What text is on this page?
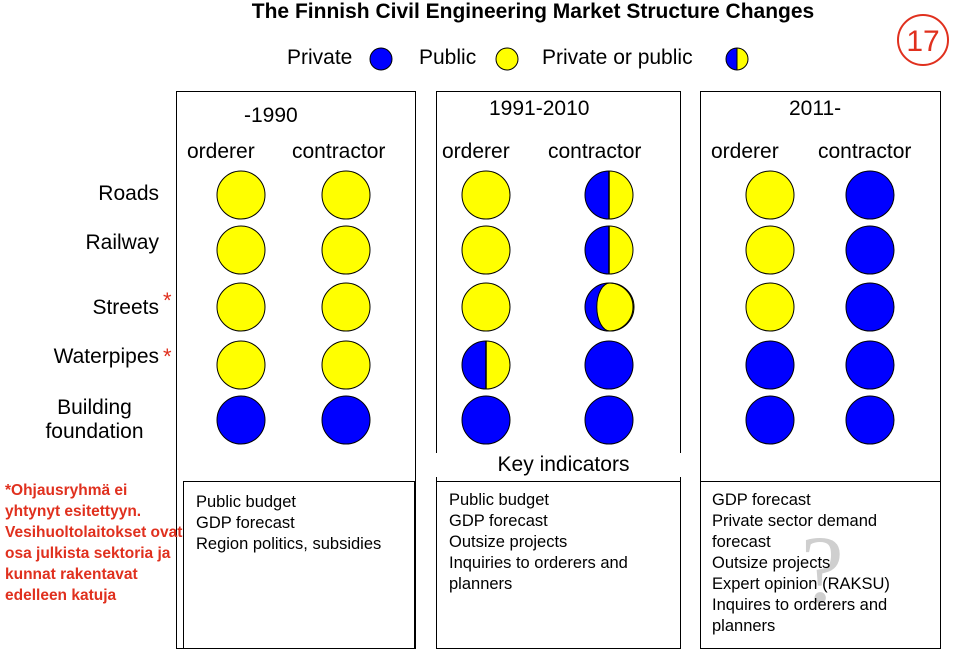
The Finnish Civil Engineering Market Structure Changes
17
Private	Public	Private or public
-1990	1991-2010	2011-
orderer contractor	orderer contractor	orderer contractor
Roads
Railway
Streets *
Waterpipes *
Building foundation
*Ohjausryhmä ei yhtynyt esitettyyn. Vesihuoltolaitokset ovat osa julkista sektoria ja kunnat rakentavat edelleen katuja
Key indicators
Public budget
GDP forecast
Region politics, subsidies
Public budget
GDP forecast
Outsize projects
Inquiries to orderers and planners	?
GDP forecast
Private sector demand forecast
Outsize projects
Expert opinion (RAKSU)
Inquires to orderers and planners
